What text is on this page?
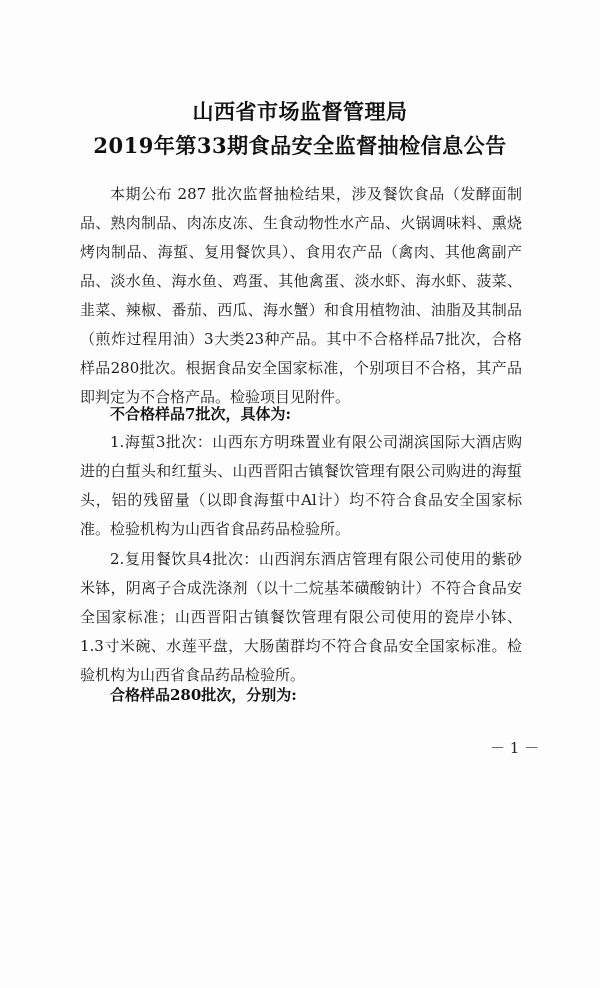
山西省市场监督管理局
2019年第33期食品安全监督抽检信息公告
本期公布 287 批次监督抽检结果，涉及餐饮食品（发酵面制品、熟肉制品、肉冻皮冻、生食动物性水产品、火锅调味料、熏烧烤肉制品、海蜇、复用餐饮具）、食用农产品（禽肉、其他禽副产品、淡水鱼、海水鱼、鸡蛋、其他禽蛋、淡水虾、海水虾、菠菜、韭菜、辣椒、番茄、西瓜、海水蟹）和食用植物油、油脂及其制品（煎炸过程用油）3大类23种产品。其中不合格样品7批次，合格样品280批次。根据食品安全国家标准，个别项目不合格，其产品即判定为不合格产品。检验项目见附件。
不合格样品7批次，具体为:
1.海蜇3批次：山西东方明珠置业有限公司湖滨国际大酒店购进的白蜇头和红蜇头、山西晋阳古镇餐饮管理有限公司购进的海蜇头，铝的残留量（以即食海蜇中Al计）均不符合食品安全国家标准。检验机构为山西省食品药品检验所。
2.复用餐饮具4批次：山西润东酒店管理有限公司使用的紫砂米钵，阴离子合成洗涤剂（以十二烷基苯磺酸钠计）不符合食品安全国家标准；山西晋阳古镇餐饮管理有限公司使用的瓷岸小钵、1.3寸米碗、水莲平盘，大肠菌群均不符合食品安全国家标准。检验机构为山西省食品药品检验所。
合格样品280批次，分别为:
－ 1 －
